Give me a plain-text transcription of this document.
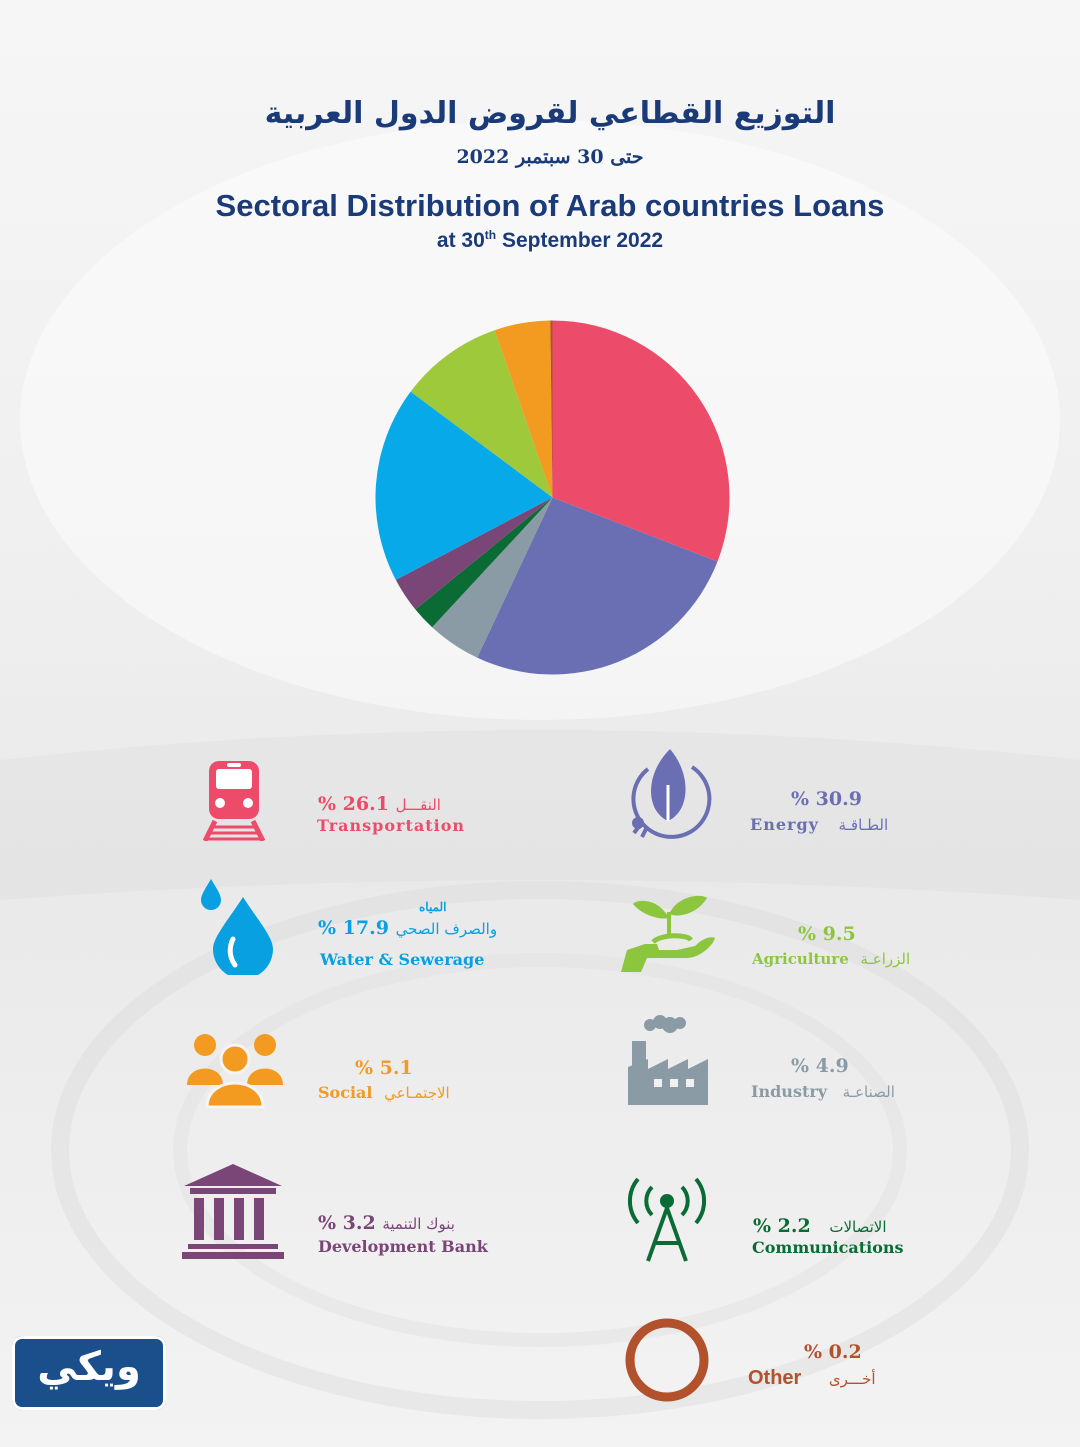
التوزيع القطاعي لقروض الدول العربية
حتى 30 سبتمبر 2022
Sectoral Distribution of Arab countries Loans
at 30th September 2022
% 26.1 النقـــل
Transportation
% 30.9
Energy الطـاقـة
المياه
% 17.9 والصرف الصحي
Water & Sewerage
% 9.5
Agriculture الزراعـة
% 5.1
Social الاجتمـاعي
% 4.9
Industry الصناعـة
% 3.2 بنوك التنمية
Development Bank
% 2.2 الاتصالات
Communications
% 0.2
Other أخـــرى
ويكي
